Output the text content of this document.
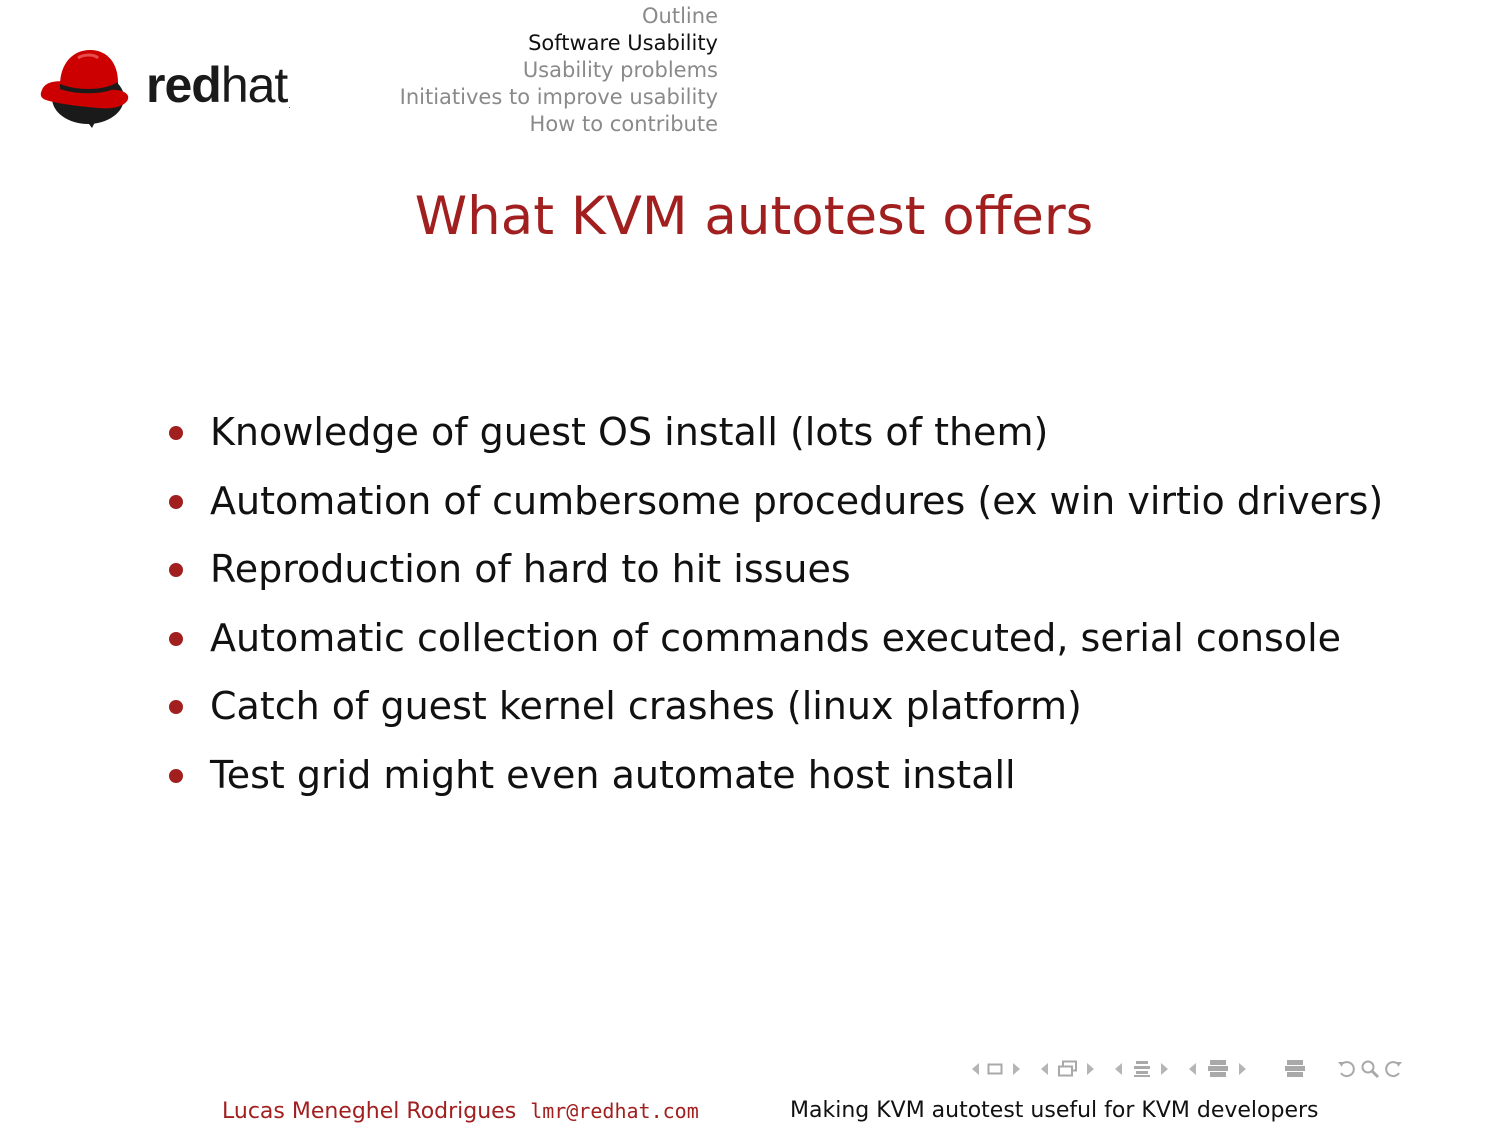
redhat.
Outline
Software Usability
Usability problems
Initiatives to improve usability
How to contribute
What KVM autotest offers
Knowledge of guest OS install (lots of them)
Automation of cumbersome procedures (ex win virtio drivers)
Reproduction of hard to hit issues
Automatic collection of commands executed, serial console
Catch of guest kernel crashes (linux platform)
Test grid might even automate host install
Lucas Meneghel Rodrigues lmr@redhat.com	Making KVM autotest useful for KVM developers
